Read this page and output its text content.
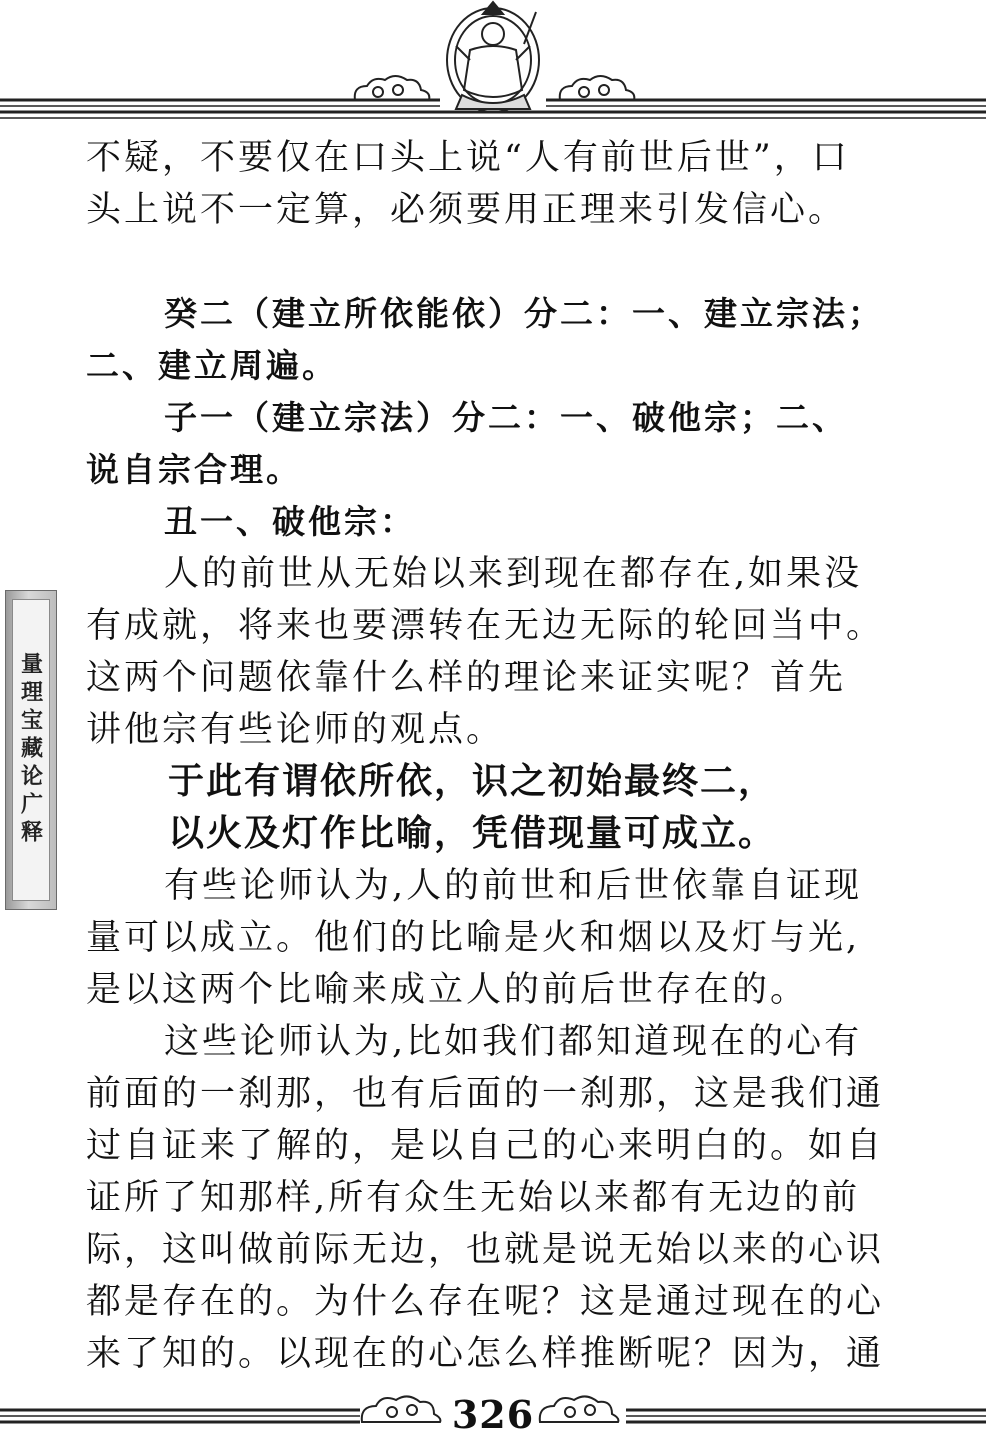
量理宝藏论广释
不疑，不要仅在口头上说“人有前世后世”，口
头上说不一定算，必须要用正理来引发信心。
癸二（建立所依能依）分二：一、建立宗法；
二、建立周遍。
子一（建立宗法）分二：一、破他宗；二、
说自宗合理。
丑一、破他宗：
人的前世从无始以来到现在都存在,如果没
有成就，将来也要漂转在无边无际的轮回当中。
这两个问题依靠什么样的理论来证实呢？首先
讲他宗有些论师的观点。
于此有谓依所依，识之初始最终二，
以火及灯作比喻，凭借现量可成立。
有些论师认为,人的前世和后世依靠自证现
量可以成立。他们的比喻是火和烟以及灯与光,
是以这两个比喻来成立人的前后世存在的。
这些论师认为,比如我们都知道现在的心有
前面的一刹那，也有后面的一刹那，这是我们通
过自证来了解的，是以自己的心来明白的。如自
证所了知那样,所有众生无始以来都有无边的前
际，这叫做前际无边，也就是说无始以来的心识
都是存在的。为什么存在呢？这是通过现在的心
来了知的。以现在的心怎么样推断呢？因为，通
326
